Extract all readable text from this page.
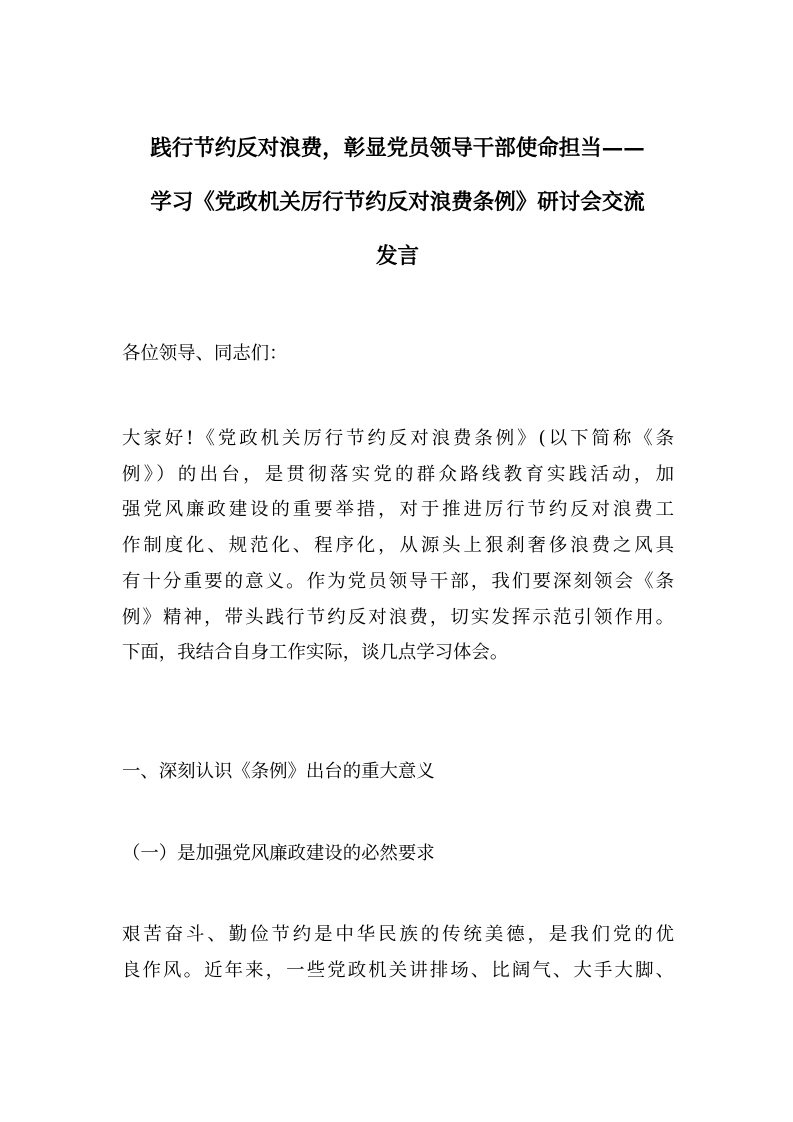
践行节约反对浪费，彰显党员领导干部使命担当——
学习《党政机关厉行节约反对浪费条例》研讨会交流
发言
各位领导、同志们：
大家好!《党政机关厉行节约反对浪费条例》(以下简称《条
例》）的出台，是贯彻落实党的群众路线教育实践活动，加
强党风廉政建设的重要举措，对于推进厉行节约反对浪费工
作制度化、规范化、程序化，从源头上狠刹奢侈浪费之风具
有十分重要的意义。作为党员领导干部，我们要深刻领会《条
例》精神，带头践行节约反对浪费，切实发挥示范引领作用。
下面，我结合自身工作实际，谈几点学习体会。
一、深刻认识《条例》出台的重大意义
（一）是加强党风廉政建设的必然要求
艰苦奋斗、勤俭节约是中华民族的传统美德，是我们党的优
良作风。近年来，一些党政机关讲排场、比阔气、大手大脚、
